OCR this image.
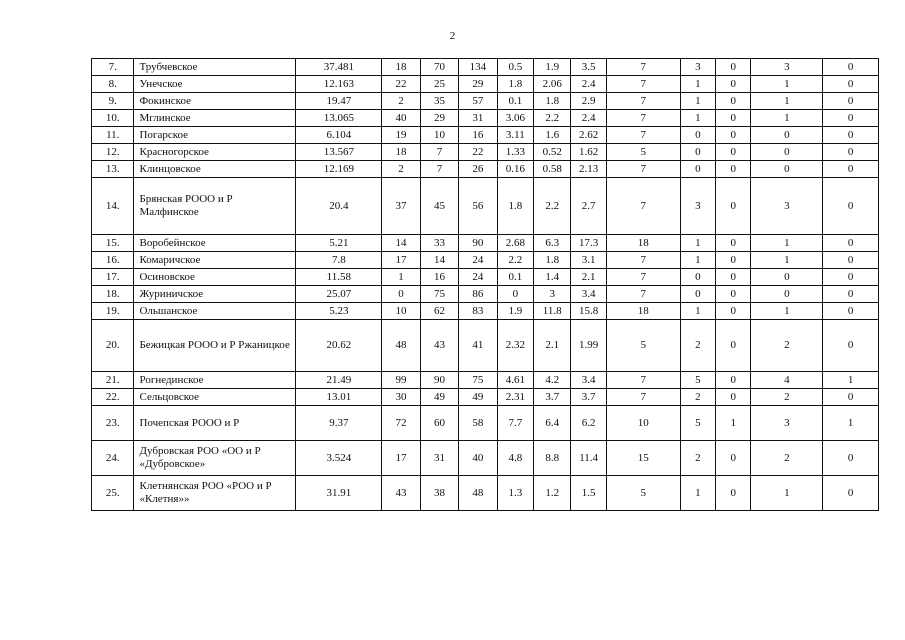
2
7.	Трубчевское	37.481	18	70	134	0.5	1.9	3.5	7	3	0	3	0
8.	Унечское	12.163	22	25	29	1.8	2.06	2.4	7	1	0	1	0
9.	Фокинское	19.47	2	35	57	0.1	1.8	2.9	7	1	0	1	0
10.	Мглинское	13.065	40	29	31	3.06	2.2	2.4	7	1	0	1	0
11.	Погарское	6.104	19	10	16	3.11	1.6	2.62	7	0	0	0	0
12.	Красногорское	13.567	18	7	22	1.33	0.52	1.62	5	0	0	0	0
13.	Клинцовское	12.169	2	7	26	0.16	0.58	2.13	7	0	0	0	0
14.	Брянская РООО и Р Малфинское	20.4	37	45	56	1.8	2.2	2.7	7	3	0	3	0
15.	Воробейнское	5.21	14	33	90	2.68	6.3	17.3	18	1	0	1	0
16.	Комаричское	7.8	17	14	24	2.2	1.8	3.1	7	1	0	1	0
17.	Осиновское	11.58	1	16	24	0.1	1.4	2.1	7	0	0	0	0
18.	Журиничское	25.07	0	75	86	0	3	3.4	7	0	0	0	0
19.	Ольшанское	5.23	10	62	83	1.9	11.8	15.8	18	1	0	1	0
20.	Бежицкая РООО и Р Ржаницкое	20.62	48	43	41	2.32	2.1	1.99	5	2	0	2	0
21.	Рогнединское	21.49	99	90	75	4.61	4.2	3.4	7	5	0	4	1
22.	Сельцовское	13.01	30	49	49	2.31	3.7	3.7	7	2	0	2	0
23.	Почепская РООО и Р	9.37	72	60	58	7.7	6.4	6.2	10	5	1	3	1
24.	Дубровская РОО «ОО и Р «Дубровское»	3.524	17	31	40	4.8	8.8	11.4	15	2	0	2	0
25.	Клетнянская РОО «РОО и Р «Клетня»»	31.91	43	38	48	1.3	1.2	1.5	5	1	0	1	0
